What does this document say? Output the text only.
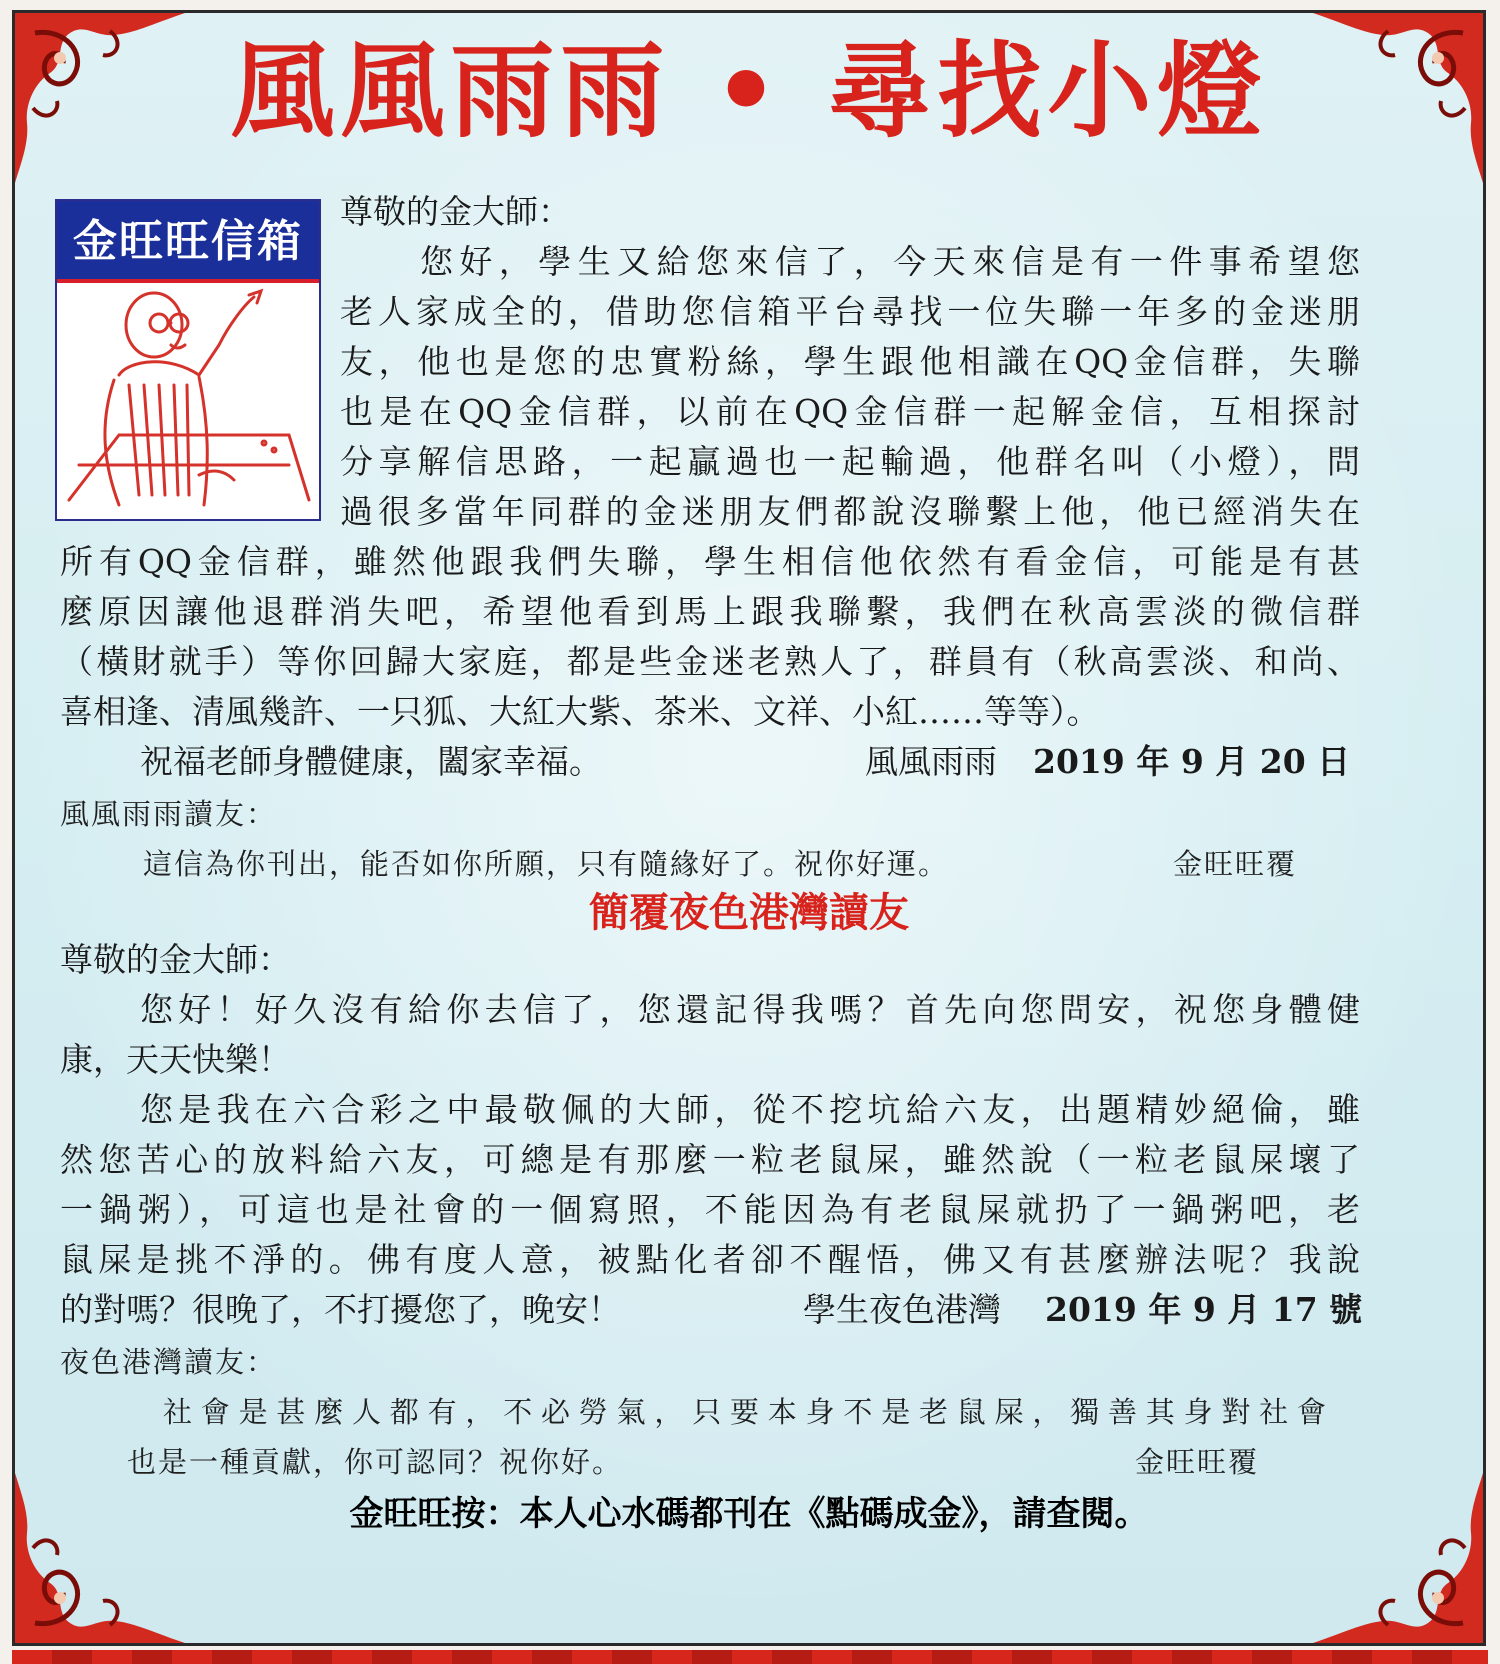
風風雨雨 • 尋找小燈
金旺旺信箱
尊敬的金大師：
您好，學生又給您來信了，今天來信是有一件事希望您
老人家成全的，借助您信箱平台尋找一位失聯一年多的金迷朋
友，他也是您的忠實粉絲，學生跟他相識在QQ金信群，失聯
也是在QQ金信群，以前在QQ金信群一起解金信，互相探討
分享解信思路，一起贏過也一起輸過，他群名叫（小燈），問
過很多當年同群的金迷朋友們都說沒聯繫上他，他已經消失在
所有QQ金信群，雖然他跟我們失聯，學生相信他依然有看金信，可能是有甚
麼原因讓他退群消失吧，希望他看到馬上跟我聯繫，我們在秋高雲淡的微信群
（橫財就手）等你回歸大家庭，都是些金迷老熟人了，群員有（秋高雲淡、和尚、
喜相逢、清風幾許、一只狐、大紅大紫、茶米、文祥、小紅……等等）。
祝福老師身體健康，闔家幸福。	風風雨雨 2019 年 9 月 20 日
風風雨雨讀友：
這信為你刊出，能否如你所願，只有隨緣好了。祝你好運。	金旺旺覆
簡覆夜色港灣讀友
尊敬的金大師：
您好！好久沒有給你去信了，您還記得我嗎？首先向您問安，祝您身體健
康，天天快樂！
您是我在六合彩之中最敬佩的大師，從不挖坑給六友，出題精妙絕倫，雖
然您苦心的放料給六友，可總是有那麼一粒老鼠屎，雖然說（一粒老鼠屎壞了
一鍋粥），可這也是社會的一個寫照，不能因為有老鼠屎就扔了一鍋粥吧，老
鼠屎是挑不淨的。佛有度人意，被點化者卻不醒悟，佛又有甚麼辦法呢？我說
的對嗎？很晚了，不打擾您了，晚安！	學生夜色港灣 2019 年 9 月 17 號
夜色港灣讀友：
社會是甚麼人都有，不必勞氣，只要本身不是老鼠屎，獨善其身對社會
也是一種貢獻，你可認同？祝你好。	金旺旺覆
金旺旺按：本人心水碼都刊在《點碼成金》，請查閱。
